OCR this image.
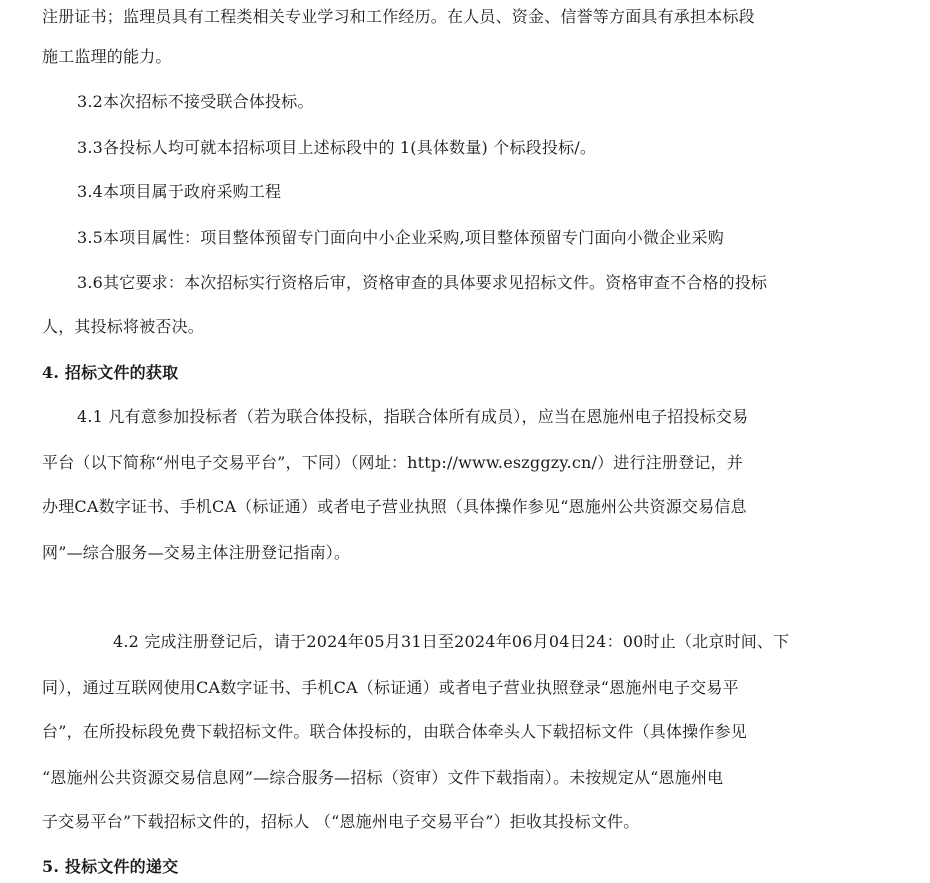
注册证书；监理员具有工程类相关专业学习和工作经历。在人员、资金、信誉等方面具有承担本标段
施工监理的能力。
3.2本次招标不接受联合体投标。
3.3各投标人均可就本招标项目上述标段中的 1(具体数量) 个标段投标/。
3.4本项目属于政府采购工程
3.5本项目属性：项目整体预留专门面向中小企业采购,项目整体预留专门面向小微企业采购
3.6其它要求：本次招标实行资格后审，资格审查的具体要求见招标文件。资格审查不合格的投标
人，其投标将被否决。
4. 招标文件的获取
4.1 凡有意参加投标者（若为联合体投标，指联合体所有成员），应当在恩施州电子招投标交易
平台（以下简称“州电子交易平台”，下同）（网址：http://www.eszggzy.cn/）进行注册登记，并
办理CA数字证书、手机CA（标证通）或者电子营业执照（具体操作参见“恩施州公共资源交易信息
网”—综合服务—交易主体注册登记指南）。
4.2 完成注册登记后，请于2024年05月31日至2024年06月04日24：00时止（北京时间、下
同），通过互联网使用CA数字证书、手机CA（标证通）或者电子营业执照登录“恩施州电子交易平
台”，在所投标段免费下载招标文件。联合体投标的，由联合体牵头人下载招标文件（具体操作参见
“恩施州公共资源交易信息网”—综合服务—招标（资审）文件下载指南）。未按规定从“恩施州电
子交易平台”下载招标文件的，招标人 （“恩施州电子交易平台”）拒收其投标文件。
5. 投标文件的递交
